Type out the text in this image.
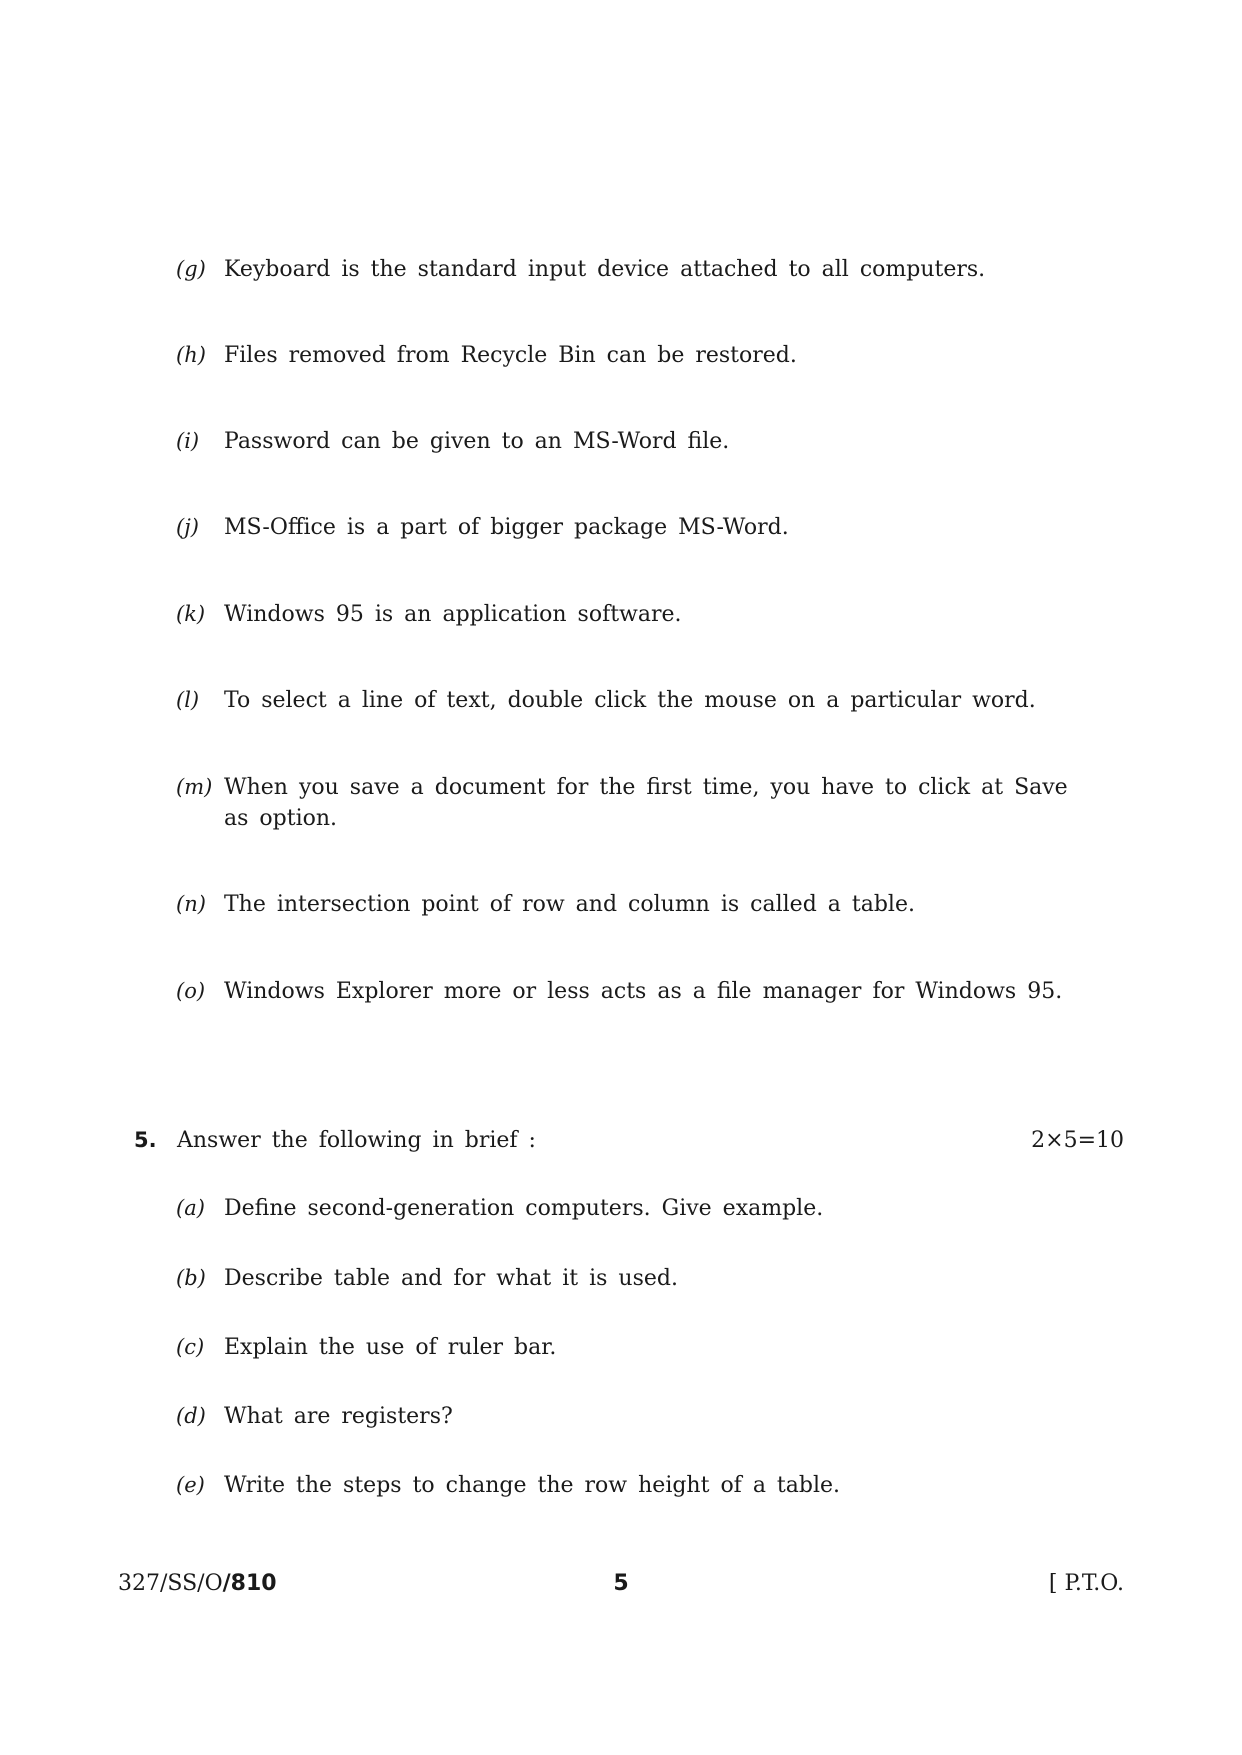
(g) Keyboard is the standard input device attached to all computers.
(h) Files removed from Recycle Bin can be restored.
(i) Password can be given to an MS-Word file.
(j) MS-Office is a part of bigger package MS-Word.
(k) Windows 95 is an application software.
(l) To select a line of text, double click the mouse on a particular word.
(m) When you save a document for the first time, you have to click at Save as option.
(n) The intersection point of row and column is called a table.
(o) Windows Explorer more or less acts as a file manager for Windows 95.
5. Answer the following in brief :	2×5=10
(a) Define second-generation computers. Give example.
(b) Describe table and for what it is used.
(c) Explain the use of ruler bar.
(d) What are registers?
(e) Write the steps to change the row height of a table.
327/SS/O/810	5	[ P.T.O.
